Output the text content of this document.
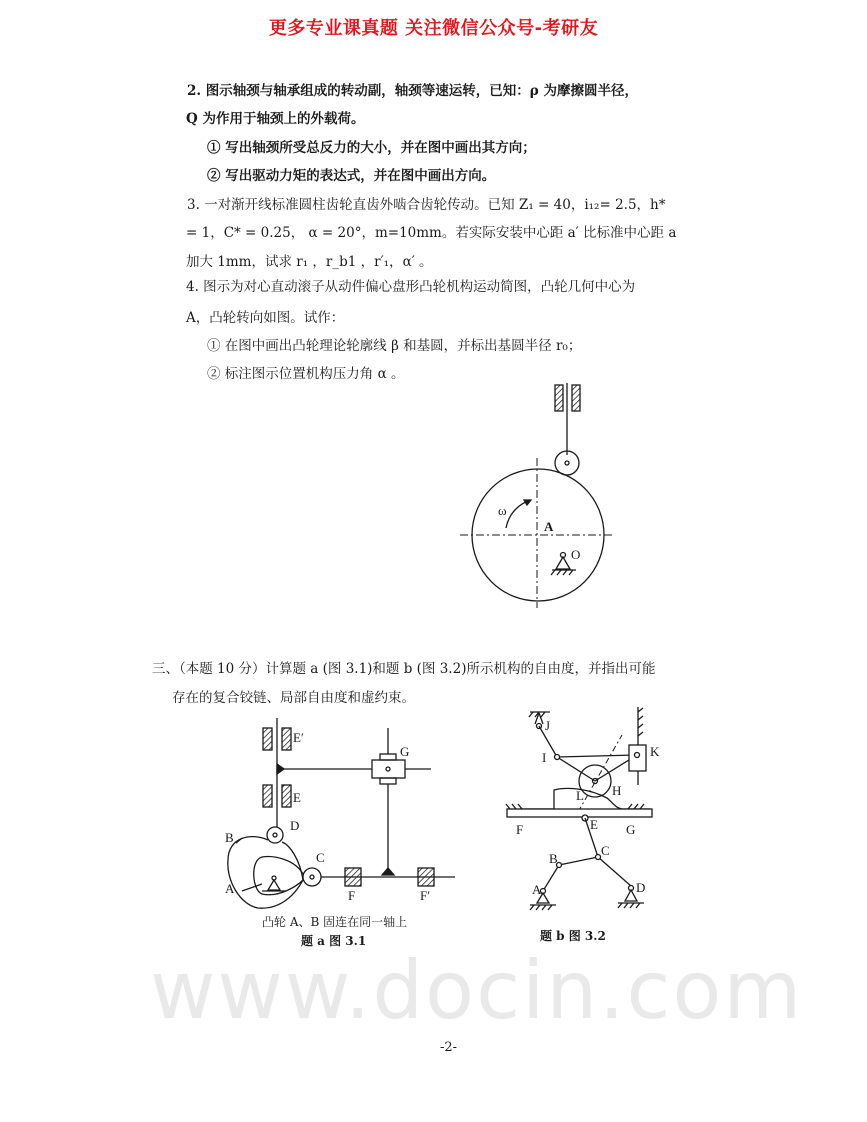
更多专业课真题 关注微信公众号-考研友
www.docin.com
2. 图示轴颈与轴承组成的转动副，轴颈等速运转，已知：ρ 为摩擦圆半径，
Q 为作用于轴颈上的外载荷。
① 写出轴颈所受总反力的大小，并在图中画出其方向；
② 写出驱动力矩的表达式，并在图中画出方向。
3. 一对渐开线标准圆柱齿轮直齿外啮合齿轮传动。已知 Z₁ = 40，i₁₂= 2.5，h*
= 1，C* = 0.25， α = 20°，m=10mm。若实际安装中心距 a′ 比标准中心距 a
加大 1mm，试求 r₁ ，r_b1 ，r′₁，α′ 。
4. 图示为对心直动滚子从动件偏心盘形凸轮机构运动简图，凸轮几何中心为
A，凸轮转向如图。试作：
① 在图中画出凸轮理论轮廓线 β 和基圆，并标出基圆半径 r₀；
② 标注图示位置机构压力角 α 。
三、（本题 10 分）计算题 a (图 3.1)和题 b (图 3.2)所示机构的自由度，并指出可能
存在的复合铰链、局部自由度和虚约束。
ω
A
O
E′
G
E
D
B
C
A	F	F′
J
I	K
H
L
F	E G
B
C
A	D
凸轮 A、B 固连在同一轴上
题 a 图 3.1	题 b 图 3.2
-2-
